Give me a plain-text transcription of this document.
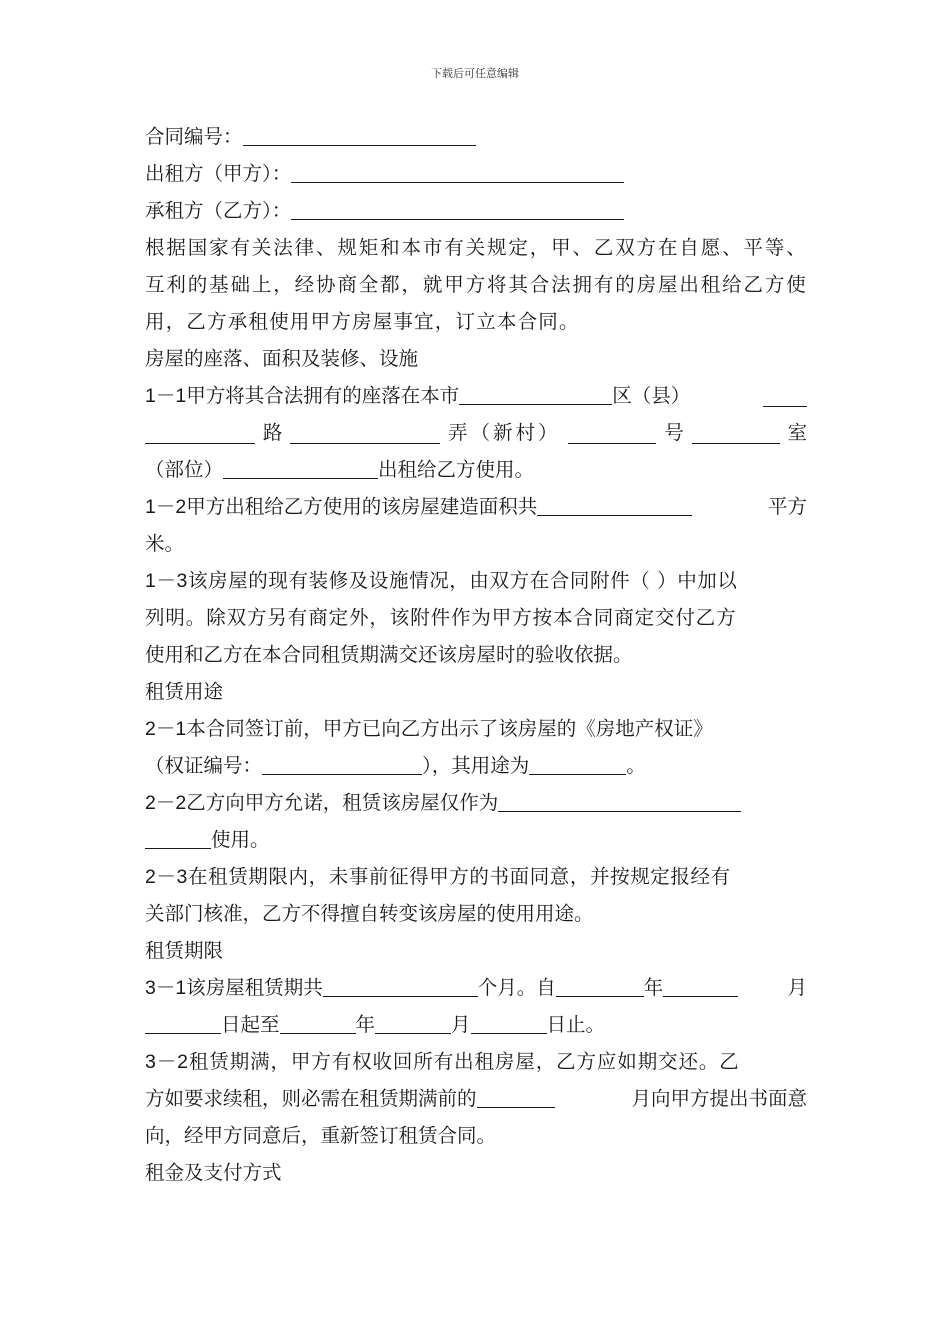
下载后可任意编辑
合同编号：
出租方（甲方）：
承租方（乙方）：

根据国家有关法律、规矩和本市有关规定，甲、乙双方在自愿、平等、互利的基础上，经协商全都，就甲方将其合法拥有的房屋出租给乙方使用，乙方承租使用甲方房屋事宜，订立本合同。

房屋的座落、面积及装修、设施
1－1甲方将其合法拥有的座落在本市	区（县）
路	弄（新村）	号	室
（部位）	出租给乙方使用。
1－2甲方出租给乙方使用的该房屋建造面积共	平方
米。
1－3该房屋的现有装修及设施情况，由双方在合同附件（ ）中加以
列明。除双方另有商定外，该附件作为甲方按本合同商定交付乙方
使用和乙方在本合同租赁期满交还该房屋时的验收依据。
租赁用途
2－1本合同签订前，甲方已向乙方出示了该房屋的《房地产权证》
（权证编号：	），其用途为	。
2－2乙方向甲方允诺，租赁该房屋仅作为
使用。
2－3在租赁期限内，未事前征得甲方的书面同意，并按规定报经有
关部门核准，乙方不得擅自转变该房屋的使用用途。
租赁期限
3－1该房屋租赁期共	个月。自	年	月
日起至	年	月	日止。
3－2租赁期满，甲方有权收回所有出租房屋，乙方应如期交还。乙
方如要求续租，则必需在租赁期满前的	月向甲方提出书面意
向，经甲方同意后，重新签订租赁合同。
租金及支付方式
